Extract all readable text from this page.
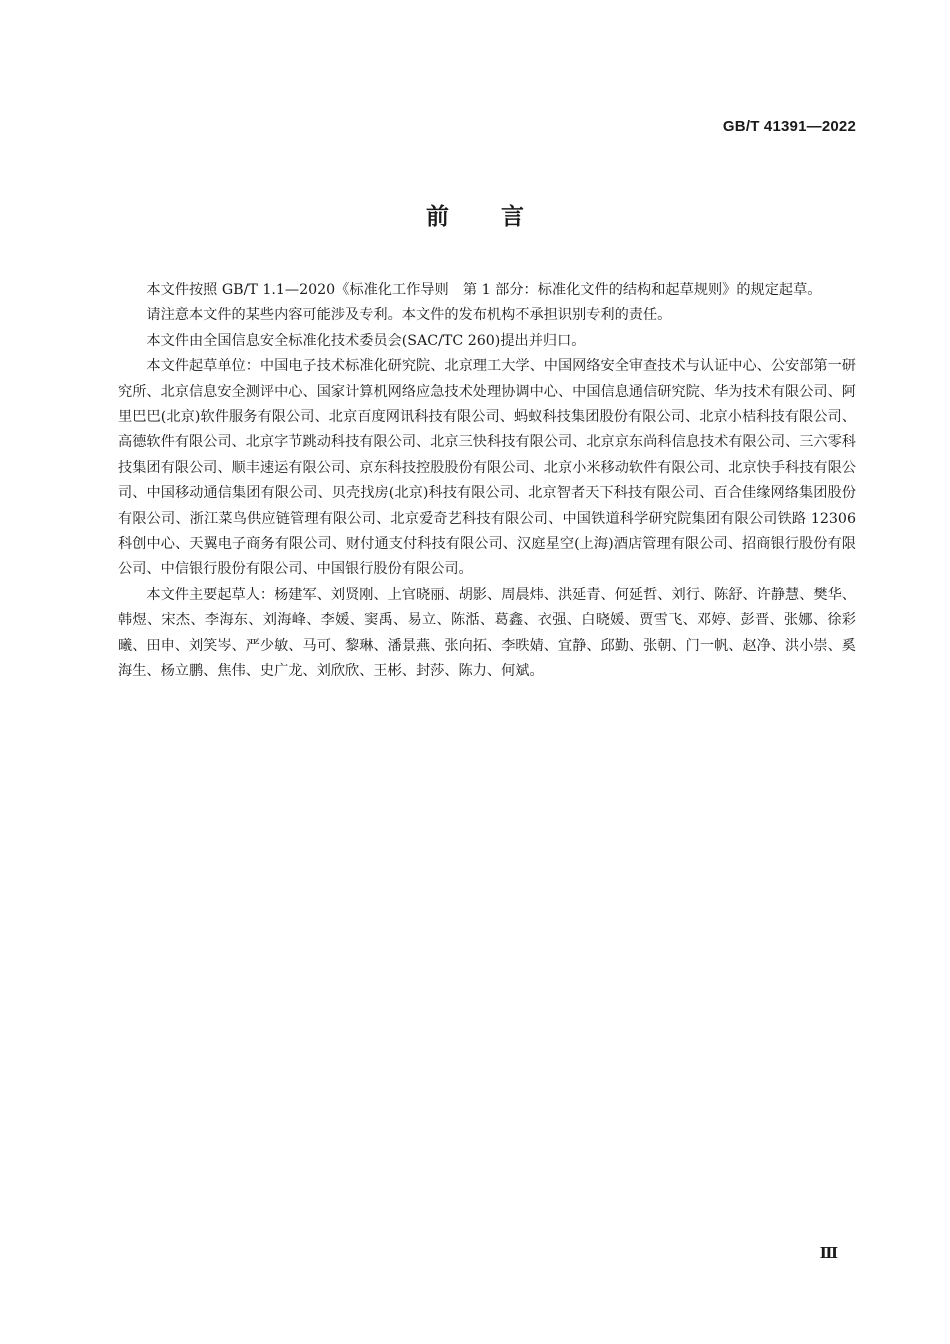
GB/T 41391—2022
前言

本文件按照 GB/T 1.1—2020《标准化工作导则　第 1 部分：标准化文件的结构和起草规则》的规定起草。

请注意本文件的某些内容可能涉及专利。本文件的发布机构不承担识别专利的责任。

本文件由全国信息安全标准化技术委员会(SAC/TC 260)提出并归口。

本文件起草单位：中国电子技术标准化研究院、北京理工大学、中国网络安全审查技术与认证中心、公安部第一研究所、北京信息安全测评中心、国家计算机网络应急技术处理协调中心、中国信息通信研究院、华为技术有限公司、阿里巴巴(北京)软件服务有限公司、北京百度网讯科技有限公司、蚂蚁科技集团股份有限公司、北京小桔科技有限公司、高德软件有限公司、北京字节跳动科技有限公司、北京三快科技有限公司、北京京东尚科信息技术有限公司、三六零科技集团有限公司、顺丰速运有限公司、京东科技控股股份有限公司、北京小米移动软件有限公司、北京快手科技有限公司、中国移动通信集团有限公司、贝壳找房(北京)科技有限公司、北京智者天下科技有限公司、百合佳缘网络集团股份有限公司、浙江菜鸟供应链管理有限公司、北京爱奇艺科技有限公司、中国铁道科学研究院集团有限公司铁路 12306 科创中心、天翼电子商务有限公司、财付通支付科技有限公司、汉庭星空(上海)酒店管理有限公司、招商银行股份有限公司、中信银行股份有限公司、中国银行股份有限公司。

本文件主要起草人：杨建军、刘贤刚、上官晓丽、胡影、周晨炜、洪延青、何延哲、刘行、陈舒、许静慧、樊华、韩煜、宋杰、李海东、刘海峰、李媛、窦禹、易立、陈湉、葛鑫、衣强、白晓媛、贾雪飞、邓婷、彭晋、张娜、徐彩曦、田申、刘笑岑、严少敏、马可、黎琳、潘景燕、张向拓、李昳婧、宜静、邱勤、张朝、门一帆、赵净、洪小崇、奚海生、杨立鹏、焦伟、史广龙、刘欣欣、王彬、封莎、陈力、何斌。

Ⅲ
